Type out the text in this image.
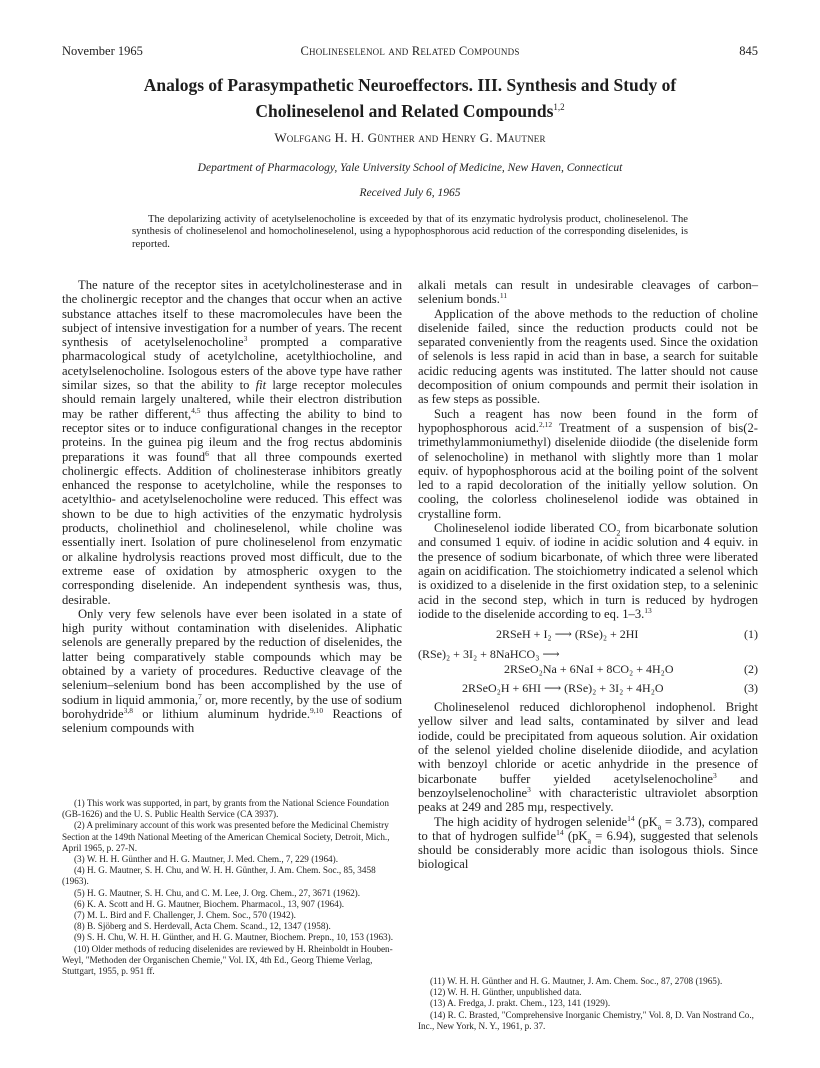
November 1965	Cholineselenol and Related Compounds	845
Analogs of Parasympathetic Neuroeffectors. III. Synthesis and Study of
Cholineselenol and Related Compounds$^{1,2}$
Wolfgang H. H. Günther and Henry G. Mautner
Department of Pharmacology, Yale University School of Medicine, New Haven, Connecticut
Received July 6, 1965
The depolarizing activity of acetylselenocholine is exceeded by that of its enzymatic hydrolysis product, cholineselenol. The synthesis of cholineselenol and homocholineselenol, using a hypophosphorous acid reduction of the corresponding diselenides, is reported.

The nature of the receptor sites in acetylcholinesterase and in the cholinergic receptor and the changes that occur when an active substance attaches itself to these macromolecules have been the subject of intensive investigation for a number of years. The recent synthesis of acetylselenocholine$^3$ prompted a comparative pharmacological study of acetylcholine, acetylthiocholine, and acetylselenocholine. Isologous esters of the above type have rather similar sizes, so that the ability to fit large receptor molecules should remain largely unaltered, while their electron distribution may be rather different,$^{4,5}$ thus affecting the ability to bind to receptor sites or to induce configurational changes in the receptor proteins. In the guinea pig ileum and the frog rectus abdominis preparations it was found$^6$ that all three compounds exerted cholinergic effects. Addition of cholinesterase inhibitors greatly enhanced the response to acetylcholine, while the responses to acetylthio- and acetylselenocholine were reduced. This effect was shown to be due to high activities of the enzymatic hydrolysis products, cholinethiol and cholineselenol, while choline was essentially inert. Isolation of pure cholineselenol from enzymatic or alkaline hydrolysis reactions proved most difficult, due to the extreme ease of oxidation by atmospheric oxygen to the corresponding diselenide. An independent synthesis was, thus, desirable.

Only very few selenols have ever been isolated in a state of high purity without contamination with diselenides. Aliphatic selenols are generally prepared by the reduction of diselenides, the latter being comparatively stable compounds which may be obtained by a variety of procedures. Reductive cleavage of the selenium–selenium bond has been accomplished by the use of sodium in liquid ammonia,$^7$ or, more recently, by the use of sodium borohydride$^{3,8}$ or lithium aluminum hydride.$^{9,10}$ Reactions of selenium compounds with

alkali metals can result in undesirable cleavages of carbon–selenium bonds.$^{11}$

Application of the above methods to the reduction of choline diselenide failed, since the reduction products could not be separated conveniently from the reagents used. Since the oxidation of selenols is less rapid in acid than in base, a search for suitable acidic reducing agents was instituted. The latter should not cause decomposition of onium compounds and permit their isolation in as few steps as possible.

Such a reagent has now been found in the form of hypophosphorous acid.$^{2,12}$ Treatment of a suspension of bis(2-trimethylammoniumethyl) diselenide diiodide (the diselenide form of selenocholine) in methanol with slightly more than 1 molar equiv. of hypophosphorous acid at the boiling point of the solvent led to a rapid decoloration of the initially yellow solution. On cooling, the colorless cholineselenol iodide was obtained in crystalline form.

Cholineselenol iodide liberated $CO_2$ from bicarbonate solution and consumed 1 equiv. of iodine in acidic solution and 4 equiv. in the presence of sodium bicarbonate, of which three were liberated again on acidification. The stoichiometry indicated a selenol which is oxidized to a diselenide in the first oxidation step, to a seleninic acid in the second step, which in turn is reduced by hydrogen iodide to the diselenide according to eq. 1–3.13

2RSeH + I₂ ⟶ (RSe)₂ + 2HI	(1)
(RSe)₂ + 3I₂ + 8NaHCO₃ ⟶
2RSeO₂Na + 6NaI + 8CO₂ + 4H₂O	(2)
2RSeO₂H + 6HI ⟶ (RSe)₂ + 3I₂ + 4H₂O	(3)

Cholineselenol reduced dichlorophenol indophenol. Bright yellow silver and lead salts, contaminated by silver and lead iodide, could be precipitated from aqueous solution. Air oxidation of the selenol yielded choline diselenide diiodide, and acylation with benzoyl chloride or acetic anhydride in the presence of bicarbonate buffer yielded acetylselenocholine$^3$ and benzoylselenocholine$^3$ with characteristic ultraviolet absorption peaks at 249 and 285 mμ, respectively.

The high acidity of hydrogen selenide$^{14}$ $(pK_a = 3.73)$, compared to that of hydrogen sulfide$^{14}$ $(pK_a = 6.94)$, suggested that selenols should be considerably more acidic than isologous thiols. Since biological

(1) This work was supported, in part, by grants from the National Science Foundation (GB-1626) and the U. S. Public Health Service (CA 3937).

(2) A preliminary account of this work was presented before the Medicinal Chemistry Section at the 149th National Meeting of the American Chemical Society, Detroit, Mich., April 1965, p. 27-N.

(3) W. H. H. Günther and H. G. Mautner, J. Med. Chem., 7, 229 (1964).

(4) H. G. Mautner, S. H. Chu, and W. H. H. Günther, J. Am. Chem. Soc., 85, 3458 (1963).

(5) H. G. Mautner, S. H. Chu, and C. M. Lee, J. Org. Chem., 27, 3671 (1962).

(6) K. A. Scott and H. G. Mautner, Biochem. Pharmacol., 13, 907 (1964).

(7) M. L. Bird and F. Challenger, J. Chem. Soc., 570 (1942).

(8) B. Sjöberg and S. Herdevall, Acta Chem. Scand., 12, 1347 (1958).

(9) S. H. Chu, W. H. H. Günther, and H. G. Mautner, Biochem. Prepn., 10, 153 (1963).

(10) Older methods of reducing diselenides are reviewed by H. Rheinboldt in Houben-Weyl, "Methoden der Organischen Chemie," Vol. IX, 4th Ed., Georg Thieme Verlag, Stuttgart, 1955, p. 951 ff.

(11) W. H. H. Günther and H. G. Mautner, J. Am. Chem. Soc., 87, 2708 (1965).

(12) W. H. H. Günther, unpublished data.

(13) A. Fredga, J. prakt. Chem., 123, 141 (1929).

(14) R. C. Brasted, "Comprehensive Inorganic Chemistry," Vol. 8, D. Van Nostrand Co., Inc., New York, N. Y., 1961, p. 37.
